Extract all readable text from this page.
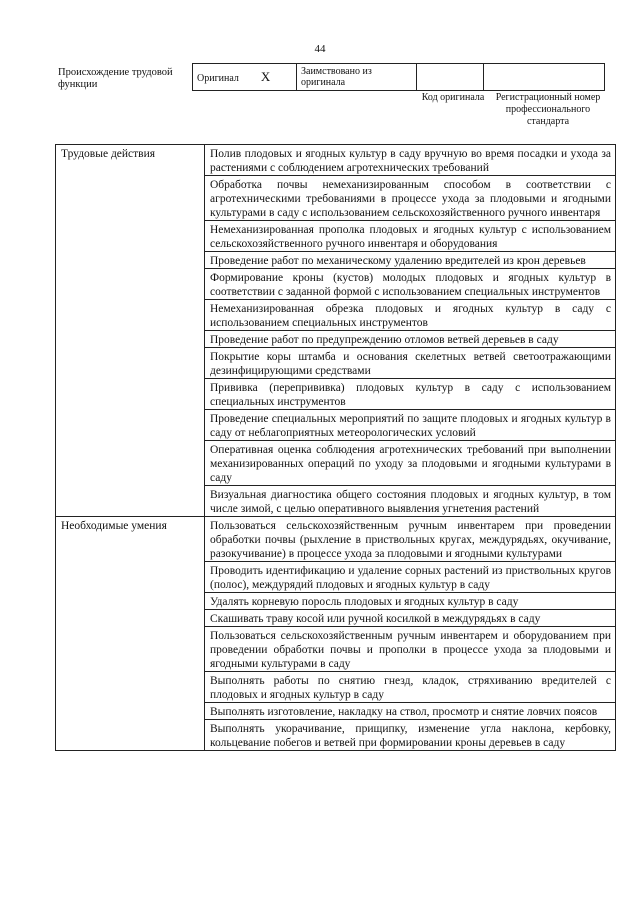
44
Происхождение трудовой функции
Оригинал X	Заимствовано из оригинала		
Код оригинала	Регистрационный номер профессионального стандарта
Трудовые действия	Полив плодовых и ягодных культур в саду вручную во время посадки и ухода за растениями с соблюдением агротехнических требований
	Обработка почвы немеханизированным способом в соответствии с агротехническими требованиями в процессе ухода за плодовыми и ягодными культурами в саду с использованием сельскохозяйственного ручного инвентаря
	Немеханизированная прополка плодовых и ягодных культур с использованием сельскохозяйственного ручного инвентаря и оборудования
	Проведение работ по механическому удалению вредителей из крон деревьев
	Формирование кроны (кустов) молодых плодовых и ягодных культур в соответствии с заданной формой с использованием специальных инструментов
	Немеханизированная обрезка плодовых и ягодных культур в саду с использованием специальных инструментов
	Проведение работ по предупреждению отломов ветвей деревьев в саду
	Покрытие коры штамба и основания скелетных ветвей светоотражающими дезинфицирующими средствами
	Прививка (перепрививка) плодовых культур в саду с использованием специальных инструментов
	Проведение специальных мероприятий по защите плодовых и ягодных культур в саду от неблагоприятных метеорологических условий
	Оперативная оценка соблюдения агротехнических требований при выполнении механизированных операций по уходу за плодовыми и ягодными культурами в саду
	Визуальная диагностика общего состояния плодовых и ягодных культур, в том числе зимой, с целью оперативного выявления угнетения растений
Необходимые умения	Пользоваться сельскохозяйственным ручным инвентарем при проведении обработки почвы (рыхление в приствольных кругах, междурядьях, окучивание, разокучивание) в процессе ухода за плодовыми и ягодными культурами
	Проводить идентификацию и удаление сорных растений из приствольных кругов (полос), междурядий плодовых и ягодных культур в саду
	Удалять корневую поросль плодовых и ягодных культур в саду
	Скашивать траву косой или ручной косилкой в междурядьях в саду
	Пользоваться сельскохозяйственным ручным инвентарем и оборудованием при проведении обработки почвы и прополки в процессе ухода за плодовыми и ягодными культурами в саду
	Выполнять работы по снятию гнезд, кладок, стряхиванию вредителей с плодовых и ягодных культур в саду
	Выполнять изготовление, накладку на ствол, просмотр и снятие ловчих поясов
	Выполнять укорачивание, прищипку, изменение угла наклона, кербовку, кольцевание побегов и ветвей при формировании кроны деревьев в саду
